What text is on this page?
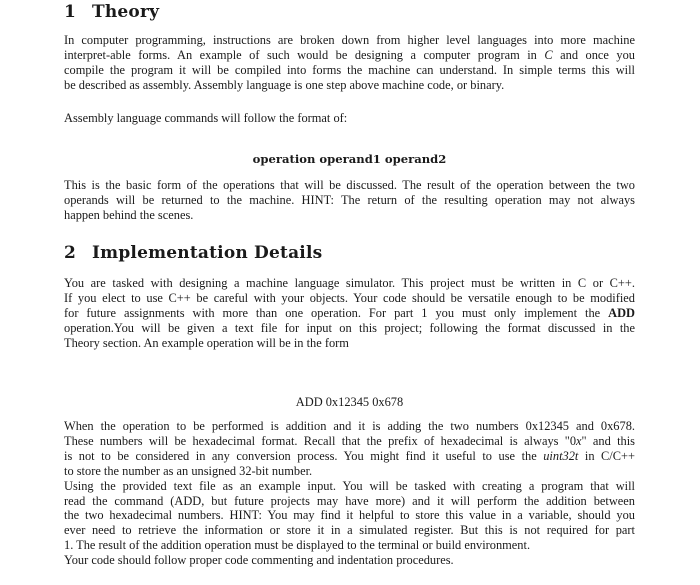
1 Theory

In computer programming, instructions are broken down from higher level languages into more machine
interpret-able forms. An example of such would be designing a computer program in C and once you
compile the program it will be compiled into forms the machine can understand. In simple terms this will
be described as assembly. Assembly language is one step above machine code, or binary.

Assembly language commands will follow the format of:

operation operand1 operand2

This is the basic form of the operations that will be discussed. The result of the operation between the two
operands will be returned to the machine. HINT: The return of the resulting operation may not always
happen behind the scenes.

2 Implementation Details

You are tasked with designing a machine language simulator. This project must be written in C or C++.
If you elect to use C++ be careful with your objects. Your code should be versatile enough to be modified
for future assignments with more than one operation. For part 1 you must only implement the ADD
operation.You will be given a text file for input on this project; following the format discussed in the
Theory section. An example operation will be in the form

ADD 0x12345 0x678

When the operation to be performed is addition and it is adding the two numbers 0x12345 and 0x678.
These numbers will be hexadecimal format. Recall that the prefix of hexadecimal is always "0x" and this
is not to be considered in any conversion process. You might find it useful to use the uint32t in C/C++
to store the number as an unsigned 32-bit number.
Using the provided text file as an example input. You will be tasked with creating a program that will
read the command (ADD, but future projects may have more) and it will perform the addition between
the two hexadecimal numbers. HINT: You may find it helpful to store this value in a variable, should you
ever need to retrieve the information or store it in a simulated register. But this is not required for part
1. The result of the addition operation must be displayed to the terminal or build environment.
Your code should follow proper code commenting and indentation procedures.
